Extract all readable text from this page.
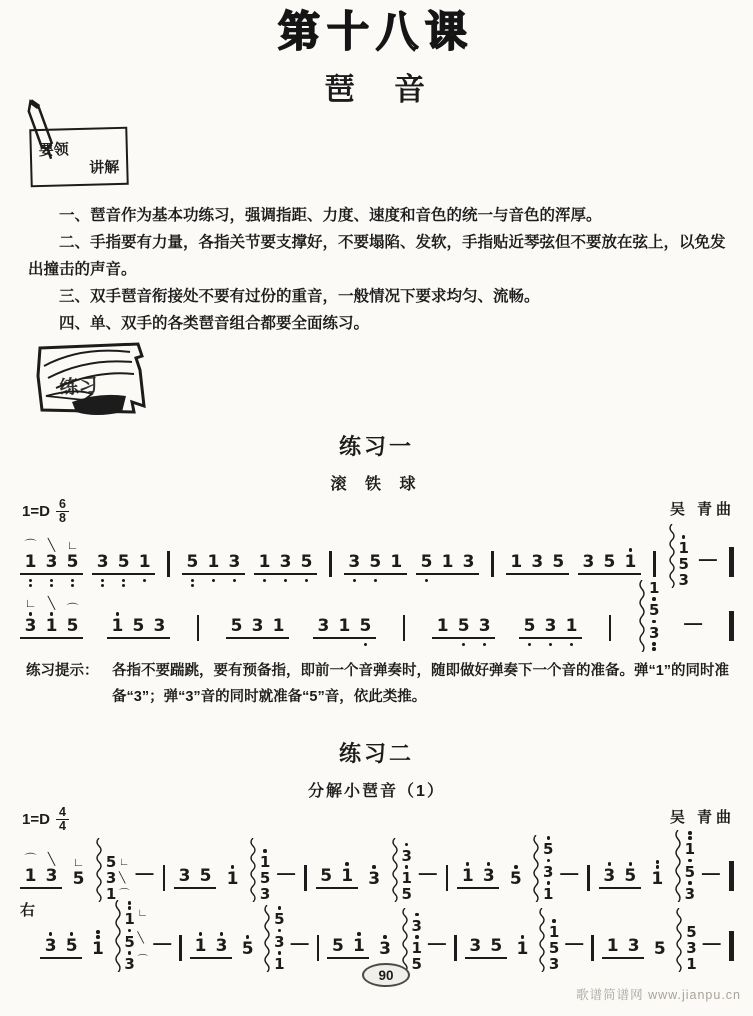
第十八课
琶　音
要领
讲解

一、琶音作为基本功练习，强调指距、力度、速度和音色的统一与音色的浑厚。

二、手指要有力量，各指关节要支撑好，不要塌陷、发软，手指贴近琴弦但不要放在弦上，以免发出撞击的声音。

三、双手琶音衔接处不要有过份的重音，一般情况下要求均匀、流畅。

四、单、双手的各类琶音组合都要全面练习。

练习
练习一
滚 铁 球
1=D 6
8	吴 青曲
⌒
1
╲
3
∟
5 3 5 1 5 1 3 1 3 5 3 5 1 5 1 3 1 3 5 3 5 1
1
5
3
—
∟
3
╲
1
⌒
5 1 5 3	5 3 1 3 1 5	1 5 3 5 3 1
1
5
3 —
练习提示： 各指不要踹跳，要有预备指，即前一个音弹奏时，随即做好弹奏下一个音的准备。弹“1”的同时准备“3”；弹“3”音的同时就准备“5”音，依此类推。
练习二
分解小琶音（1）
1=D 4
4	吴 青曲
⌒
1
╲
3
∟
5
5 ∟
3 ╲
1 ⌒
— 3 5 1
1
5
3
— 5 1 3
3
1
5
— 1 3 5
5
3
1
— 3 5 1
1
5
3
—
右
3 5 1
1 ∟
5 ╲
3 ⌒
— 1 3 5
5
3
1
— 5 1 3
3
1
5
— 3 5 1
1
5
3
— 1 3 5
5
3
1
—
90
歌谱简谱网 www.jianpu.cn
